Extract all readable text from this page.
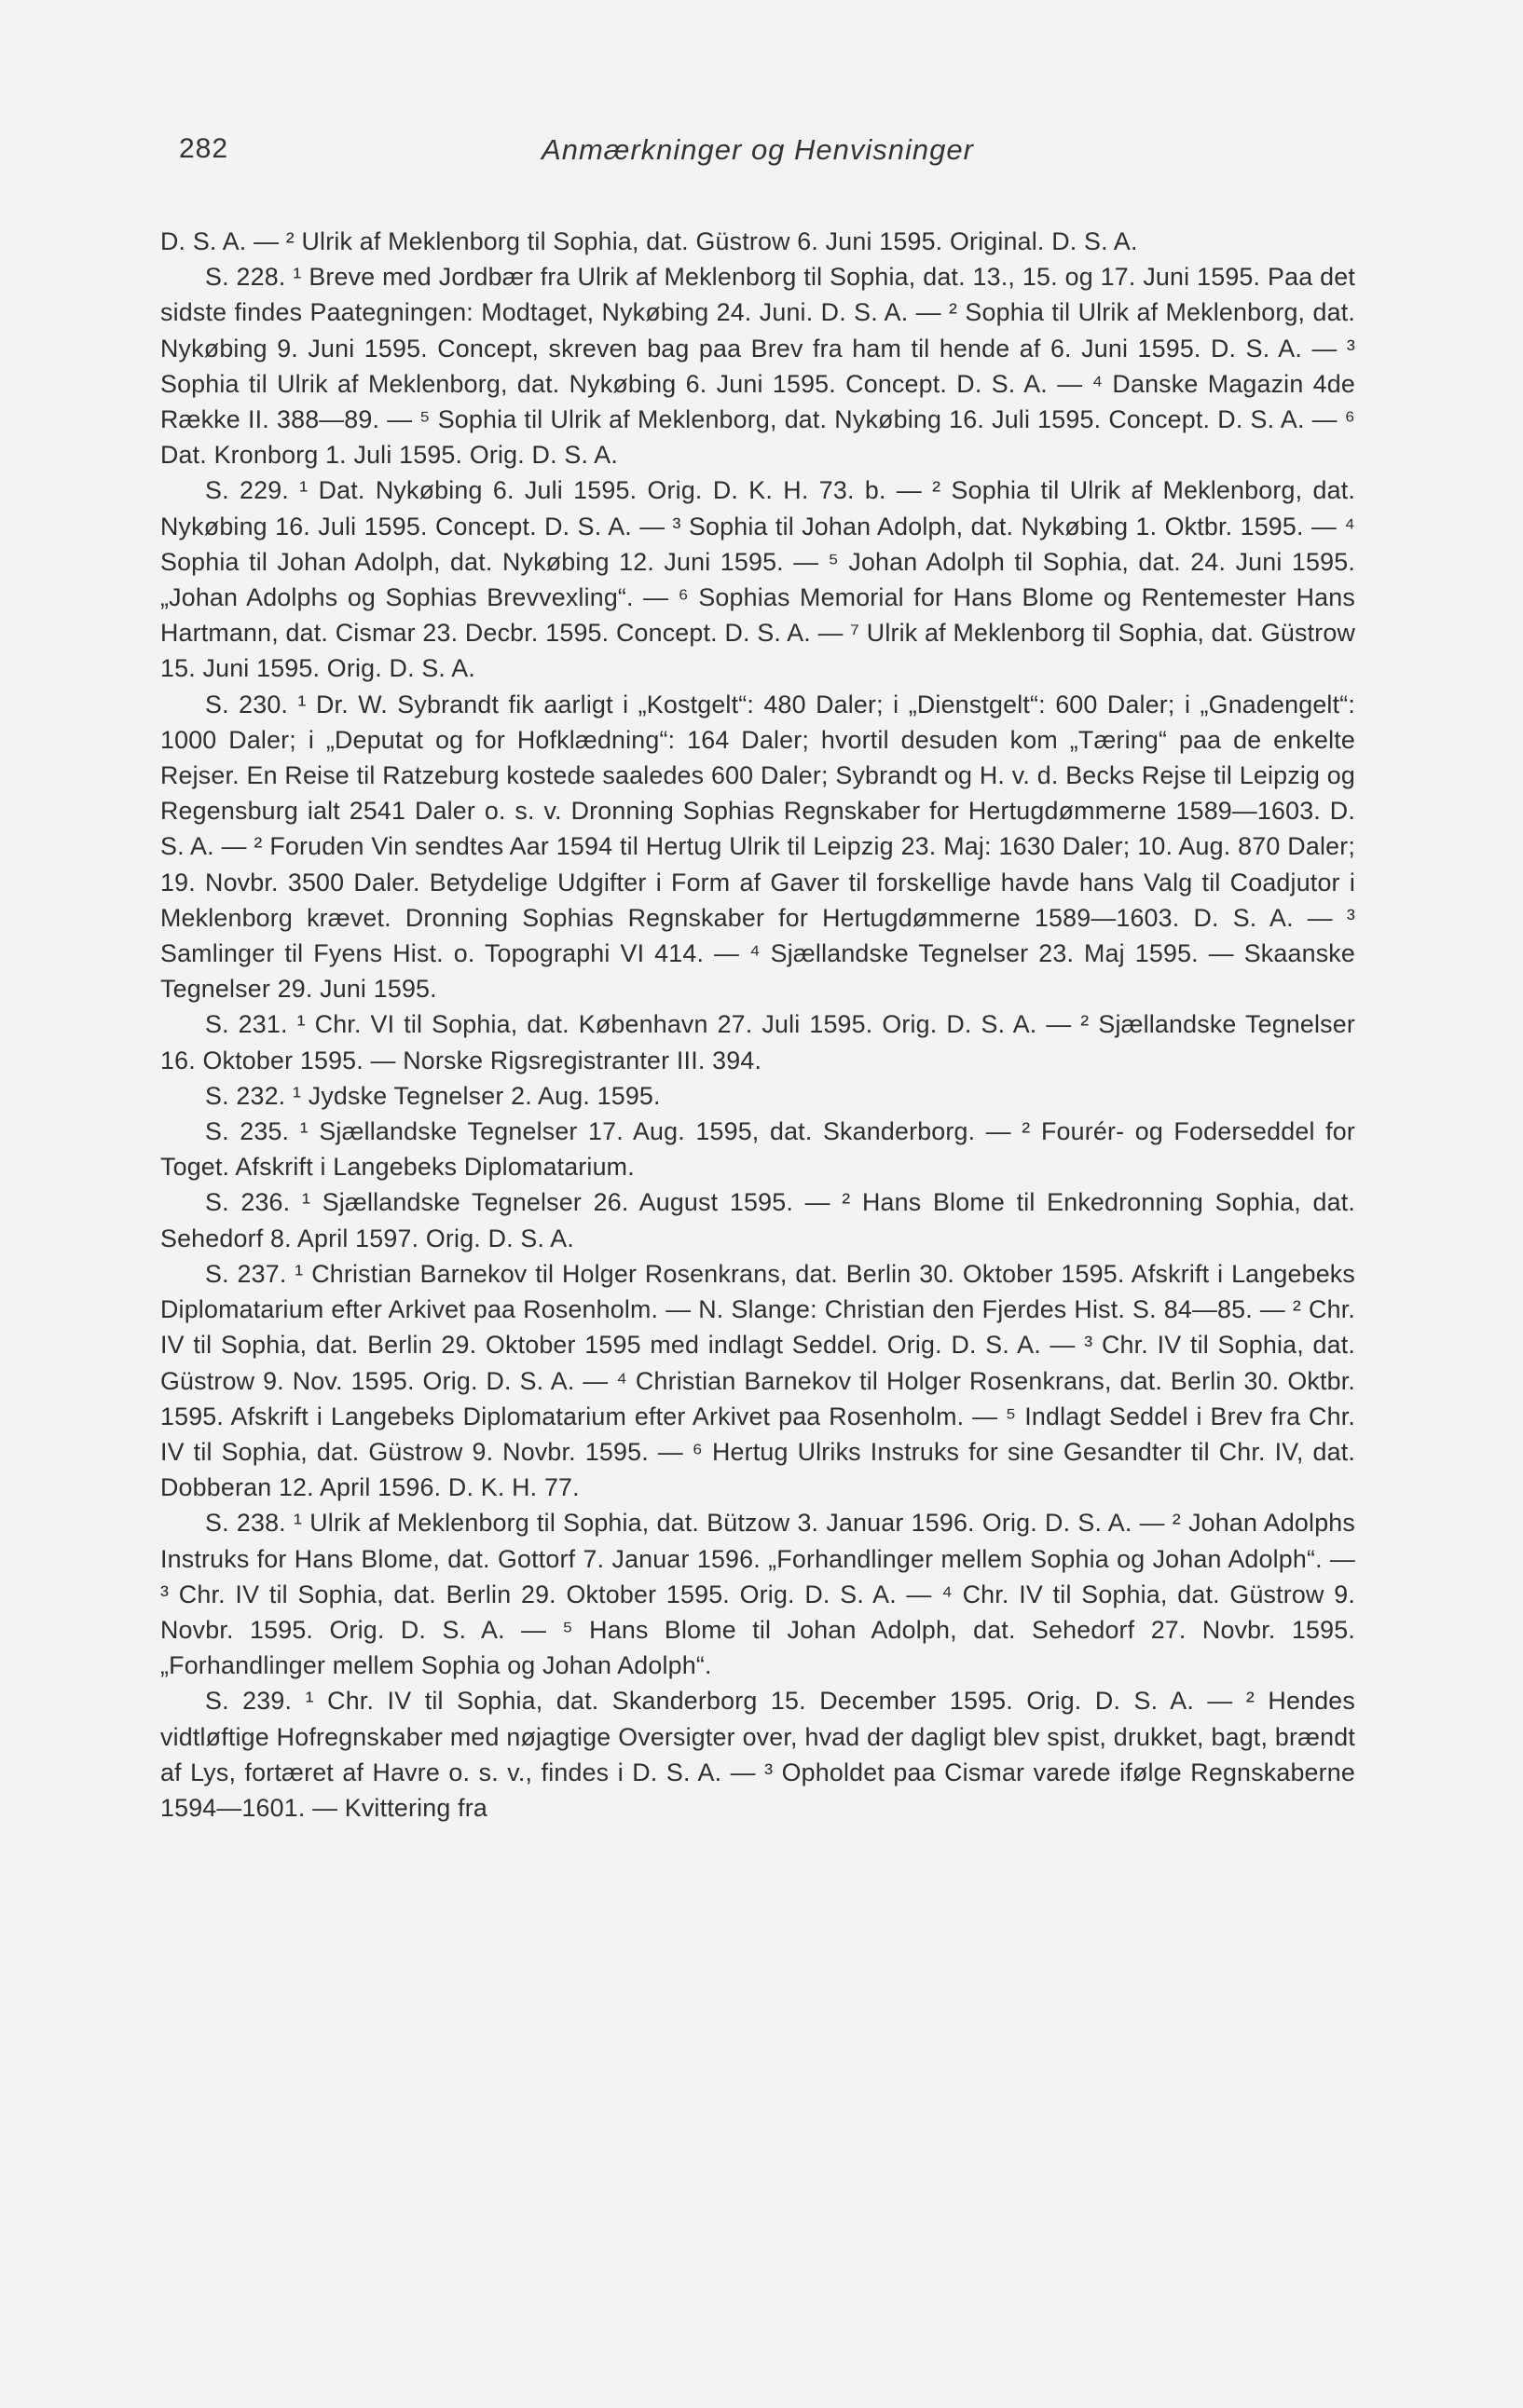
282	Anmærkninger og Henvisninger

D. S. A. — ² Ulrik af Meklenborg til Sophia, dat. Güstrow 6. Juni 1595. Original. D. S. A.

S. 228. ¹ Breve med Jordbær fra Ulrik af Meklenborg til Sophia, dat. 13., 15. og 17. Juni 1595. Paa det sidste findes Paategningen: Modtaget, Nykøbing 24. Juni. D. S. A. — ² Sophia til Ulrik af Meklenborg, dat. Nykøbing 9. Juni 1595. Concept, skreven bag paa Brev fra ham til hende af 6. Juni 1595. D. S. A. — ³ Sophia til Ulrik af Meklenborg, dat. Nykøbing 6. Juni 1595. Concept. D. S. A. — ⁴ Danske Magazin 4de Række II. 388—89. — ⁵ Sophia til Ulrik af Meklenborg, dat. Nykøbing 16. Juli 1595. Concept. D. S. A. — ⁶ Dat. Kronborg 1. Juli 1595. Orig. D. S. A.

S. 229. ¹ Dat. Nykøbing 6. Juli 1595. Orig. D. K. H. 73. b. — ² Sophia til Ulrik af Meklenborg, dat. Nykøbing 16. Juli 1595. Concept. D. S. A. — ³ Sophia til Johan Adolph, dat. Nykøbing 1. Oktbr. 1595. — ⁴ Sophia til Johan Adolph, dat. Nykøbing 12. Juni 1595. — ⁵ Johan Adolph til Sophia, dat. 24. Juni 1595. „Johan Adolphs og Sophias Brevvexling“. — ⁶ Sophias Memorial for Hans Blome og Rentemester Hans Hartmann, dat. Cismar 23. Decbr. 1595. Concept. D. S. A. — ⁷ Ulrik af Meklenborg til Sophia, dat. Güstrow 15. Juni 1595. Orig. D. S. A.

S. 230. ¹ Dr. W. Sybrandt fik aarligt i „Kostgelt“: 480 Daler; i „Dienstgelt“: 600 Daler; i „Gnadengelt“: 1000 Daler; i „Deputat og for Hofklædning“: 164 Daler; hvortil desuden kom „Tæring“ paa de enkelte Rejser. En Reise til Ratzeburg kostede saaledes 600 Daler; Sybrandt og H. v. d. Becks Rejse til Leipzig og Regensburg ialt 2541 Daler o. s. v. Dronning Sophias Regnskaber for Hertugdømmerne 1589—1603. D. S. A. — ² Foruden Vin sendtes Aar 1594 til Hertug Ulrik til Leipzig 23. Maj: 1630 Daler; 10. Aug. 870 Daler; 19. Novbr. 3500 Daler. Betydelige Udgifter i Form af Gaver til forskellige havde hans Valg til Coadjutor i Meklenborg krævet. Dronning Sophias Regnskaber for Hertugdømmerne 1589—1603. D. S. A. — ³ Samlinger til Fyens Hist. o. Topographi VI 414. — ⁴ Sjællandske Tegnelser 23. Maj 1595. — Skaanske Tegnelser 29. Juni 1595.

S. 231. ¹ Chr. VI til Sophia, dat. København 27. Juli 1595. Orig. D. S. A. — ² Sjællandske Tegnelser 16. Oktober 1595. — Norske Rigsregistranter III. 394.

S. 232. ¹ Jydske Tegnelser 2. Aug. 1595.

S. 235. ¹ Sjællandske Tegnelser 17. Aug. 1595, dat. Skanderborg. — ² Fourér- og Foderseddel for Toget. Afskrift i Langebeks Diplomatarium.

S. 236. ¹ Sjællandske Tegnelser 26. August 1595. — ² Hans Blome til Enkedronning Sophia, dat. Sehedorf 8. April 1597. Orig. D. S. A.

S. 237. ¹ Christian Barnekov til Holger Rosenkrans, dat. Berlin 30. Oktober 1595. Afskrift i Langebeks Diplomatarium efter Arkivet paa Rosenholm. — N. Slange: Christian den Fjerdes Hist. S. 84—85. — ² Chr. IV til Sophia, dat. Berlin 29. Oktober 1595 med indlagt Seddel. Orig. D. S. A. — ³ Chr. IV til Sophia, dat. Güstrow 9. Nov. 1595. Orig. D. S. A. — ⁴ Christian Barnekov til Holger Rosenkrans, dat. Berlin 30. Oktbr. 1595. Afskrift i Langebeks Diplomatarium efter Arkivet paa Rosenholm. — ⁵ Indlagt Seddel i Brev fra Chr. IV til Sophia, dat. Güstrow 9. Novbr. 1595. — ⁶ Hertug Ulriks Instruks for sine Gesandter til Chr. IV, dat. Dobberan 12. April 1596. D. K. H. 77.

S. 238. ¹ Ulrik af Meklenborg til Sophia, dat. Bützow 3. Januar 1596. Orig. D. S. A. — ² Johan Adolphs Instruks for Hans Blome, dat. Gottorf 7. Januar 1596. „Forhandlinger mellem Sophia og Johan Adolph“. — ³ Chr. IV til Sophia, dat. Berlin 29. Oktober 1595. Orig. D. S. A. — ⁴ Chr. IV til Sophia, dat. Güstrow 9. Novbr. 1595. Orig. D. S. A. — ⁵ Hans Blome til Johan Adolph, dat. Sehedorf 27. Novbr. 1595. „Forhandlinger mellem Sophia og Johan Adolph“.

S. 239. ¹ Chr. IV til Sophia, dat. Skanderborg 15. December 1595. Orig. D. S. A. — ² Hendes vidtløftige Hofregnskaber med nøjagtige Oversigter over, hvad der dagligt blev spist, drukket, bagt, brændt af Lys, fortæret af Havre o. s. v., findes i D. S. A. — ³ Opholdet paa Cismar varede ifølge Regnskaberne 1594—1601. — Kvittering fra
